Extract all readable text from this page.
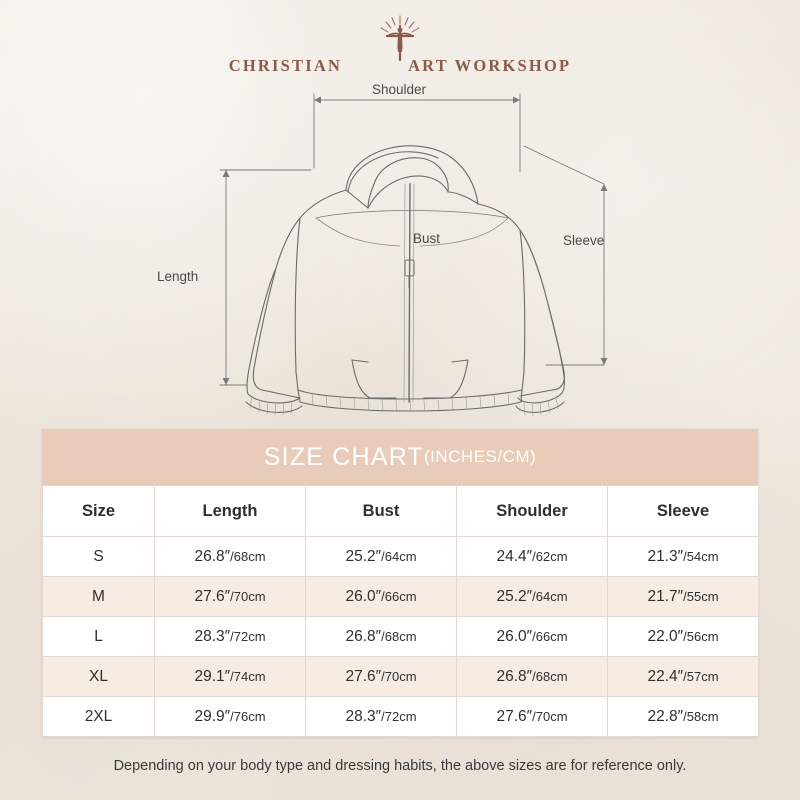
CHRISTIAN	ART WORKSHOP
Shoulder
Bust	Sleeve
Length
SIZE CHART (INCHES/CM)
Size	Length	Bust	Shoulder	Sleeve
S	26.8″/68cm	25.2″/64cm	24.4″/62cm	21.3″/54cm
M	27.6″/70cm	26.0″/66cm	25.2″/64cm	21.7″/55cm
L	28.3″/72cm	26.8″/68cm	26.0″/66cm	22.0″/56cm
XL	29.1″/74cm	27.6″/70cm	26.8″/68cm	22.4″/57cm
2XL	29.9″/76cm	28.3″/72cm	27.6″/70cm	22.8″/58cm
Depending on your body type and dressing habits, the above sizes are for reference only.
